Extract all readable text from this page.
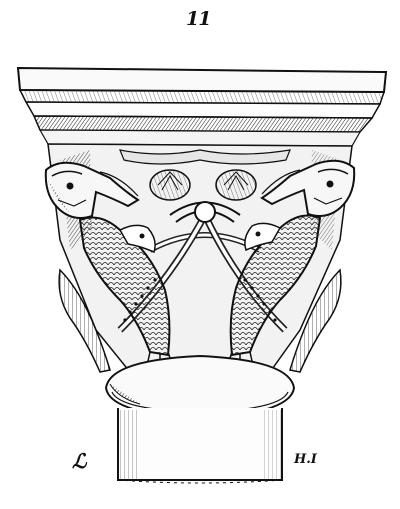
11
ℒ	H.I
